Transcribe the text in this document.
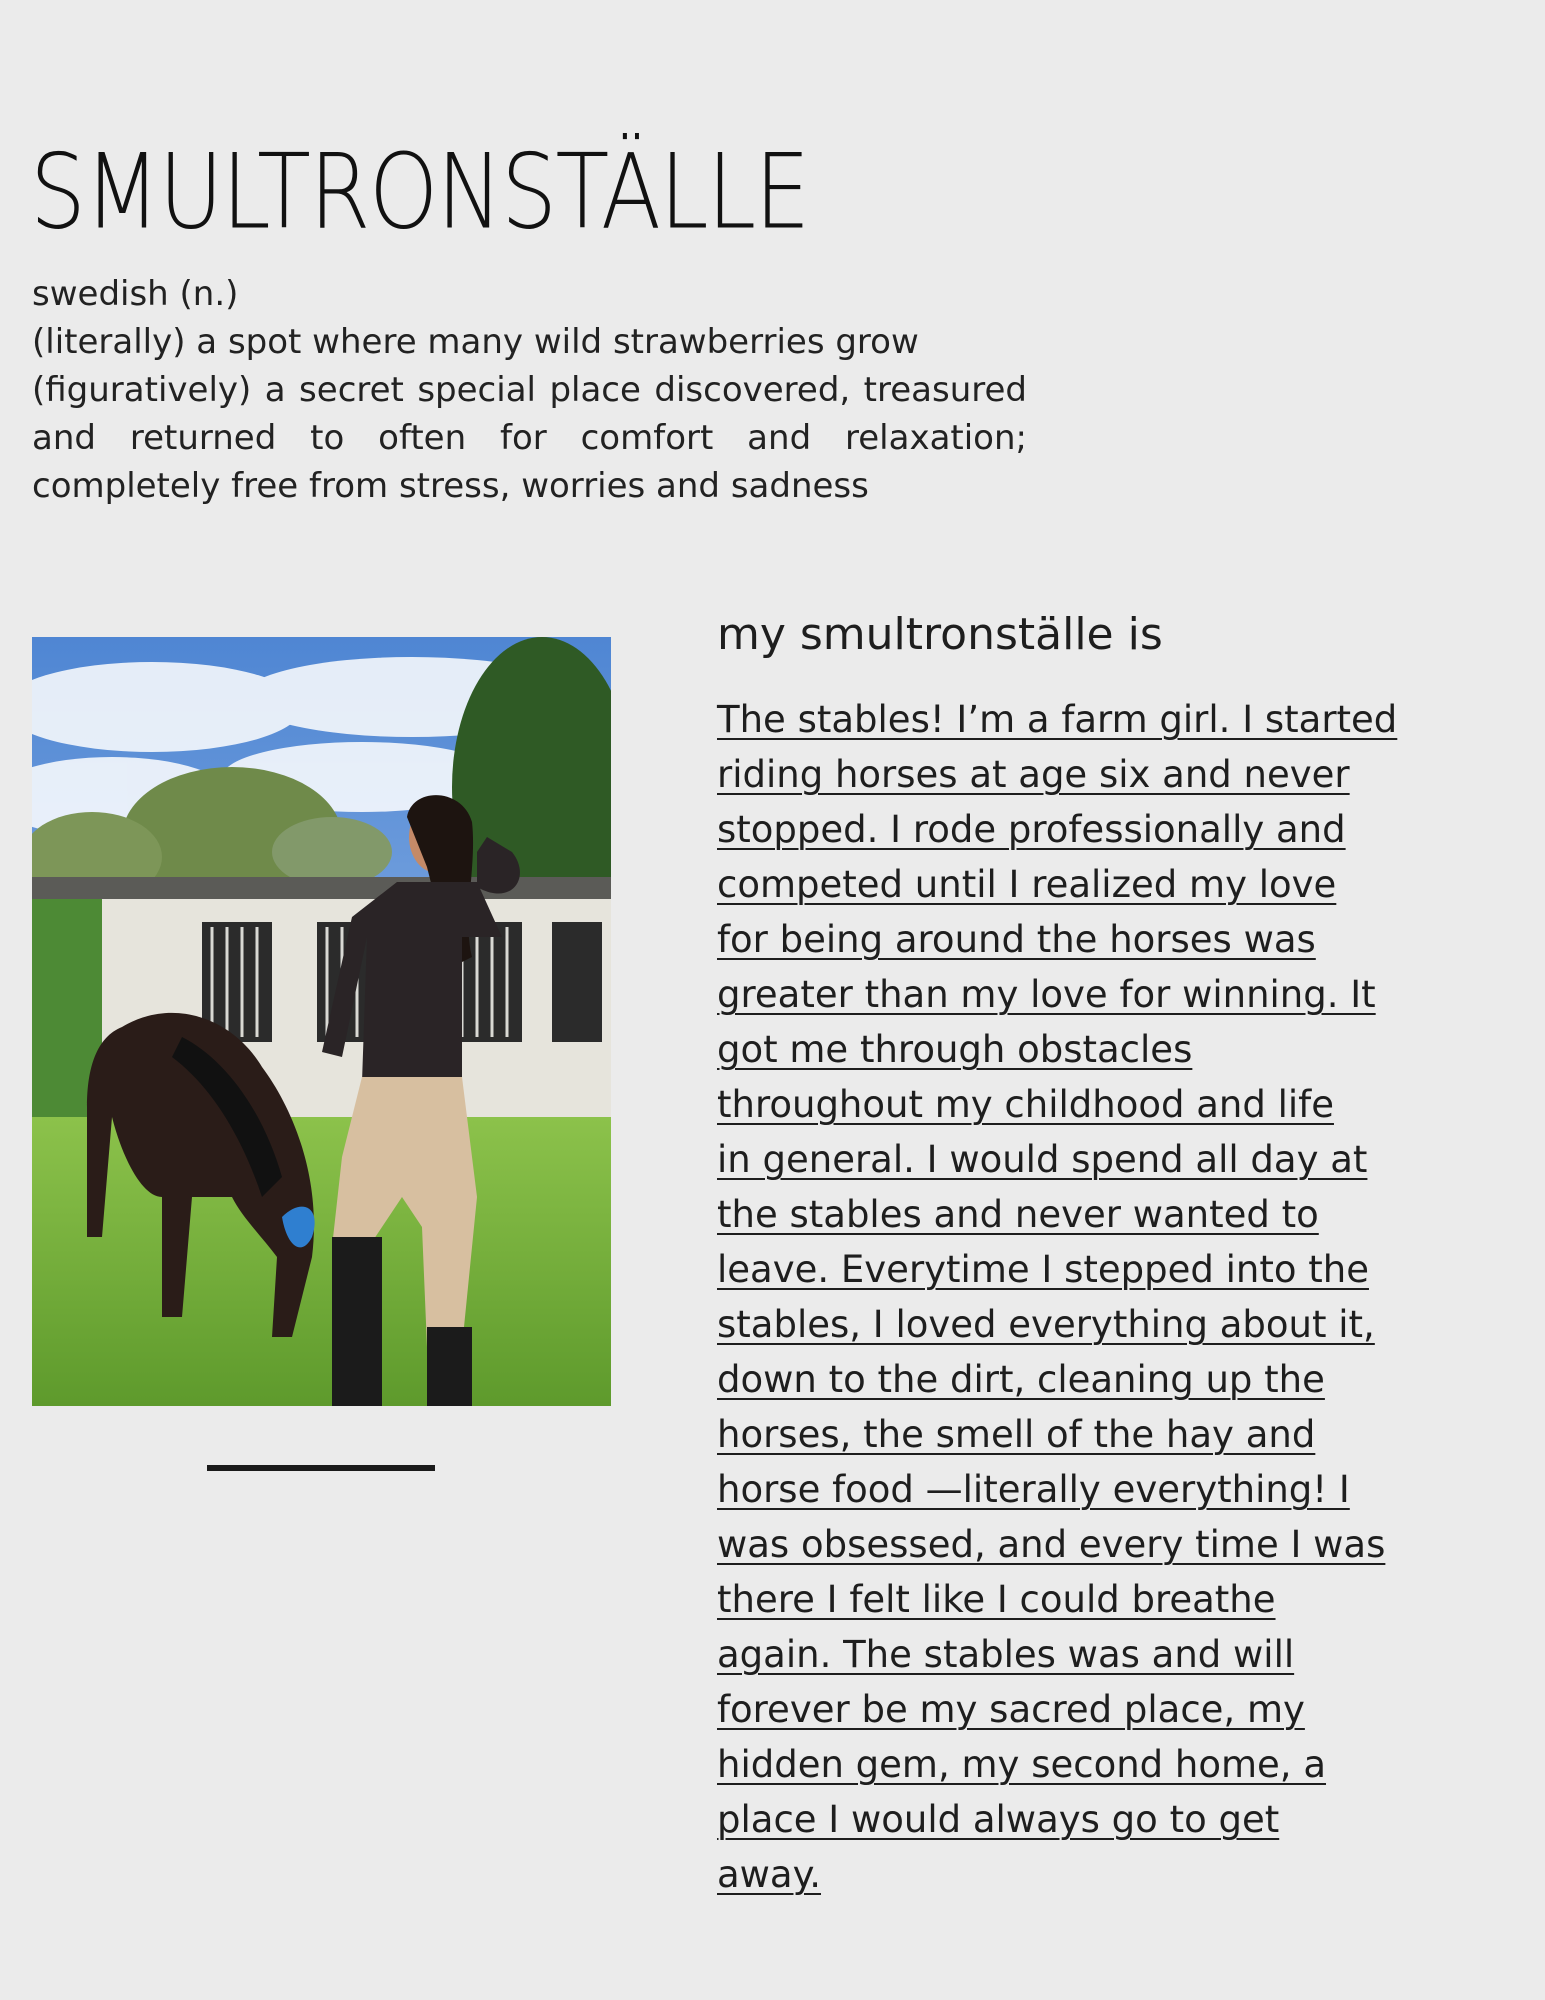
SMULTRONSTÄLLE
swedish (n.)
(literally) a spot where many wild strawberries grow
(figuratively) a secret special place discovered, treasured and returned to often for comfort and relaxation; completely free from stress, worries and sadness
my smultronställe is
The stables! I’m a farm girl. I started
riding horses at age six and never
stopped. I rode professionally and
competed until I realized my love
for being around the horses was
greater than my love for winning. It
got me through obstacles
throughout my childhood and life
in general. I would spend all day at
the stables and never wanted to
leave. Everytime I stepped into the
stables, I loved everything about it,
down to the dirt, cleaning up the
horses, the smell of the hay and
horse food —literally everything! I
was obsessed, and every time I was
there I felt like I could breathe
again. The stables was and will
forever be my sacred place, my
hidden gem, my second home, a
place I would always go to get
away.
